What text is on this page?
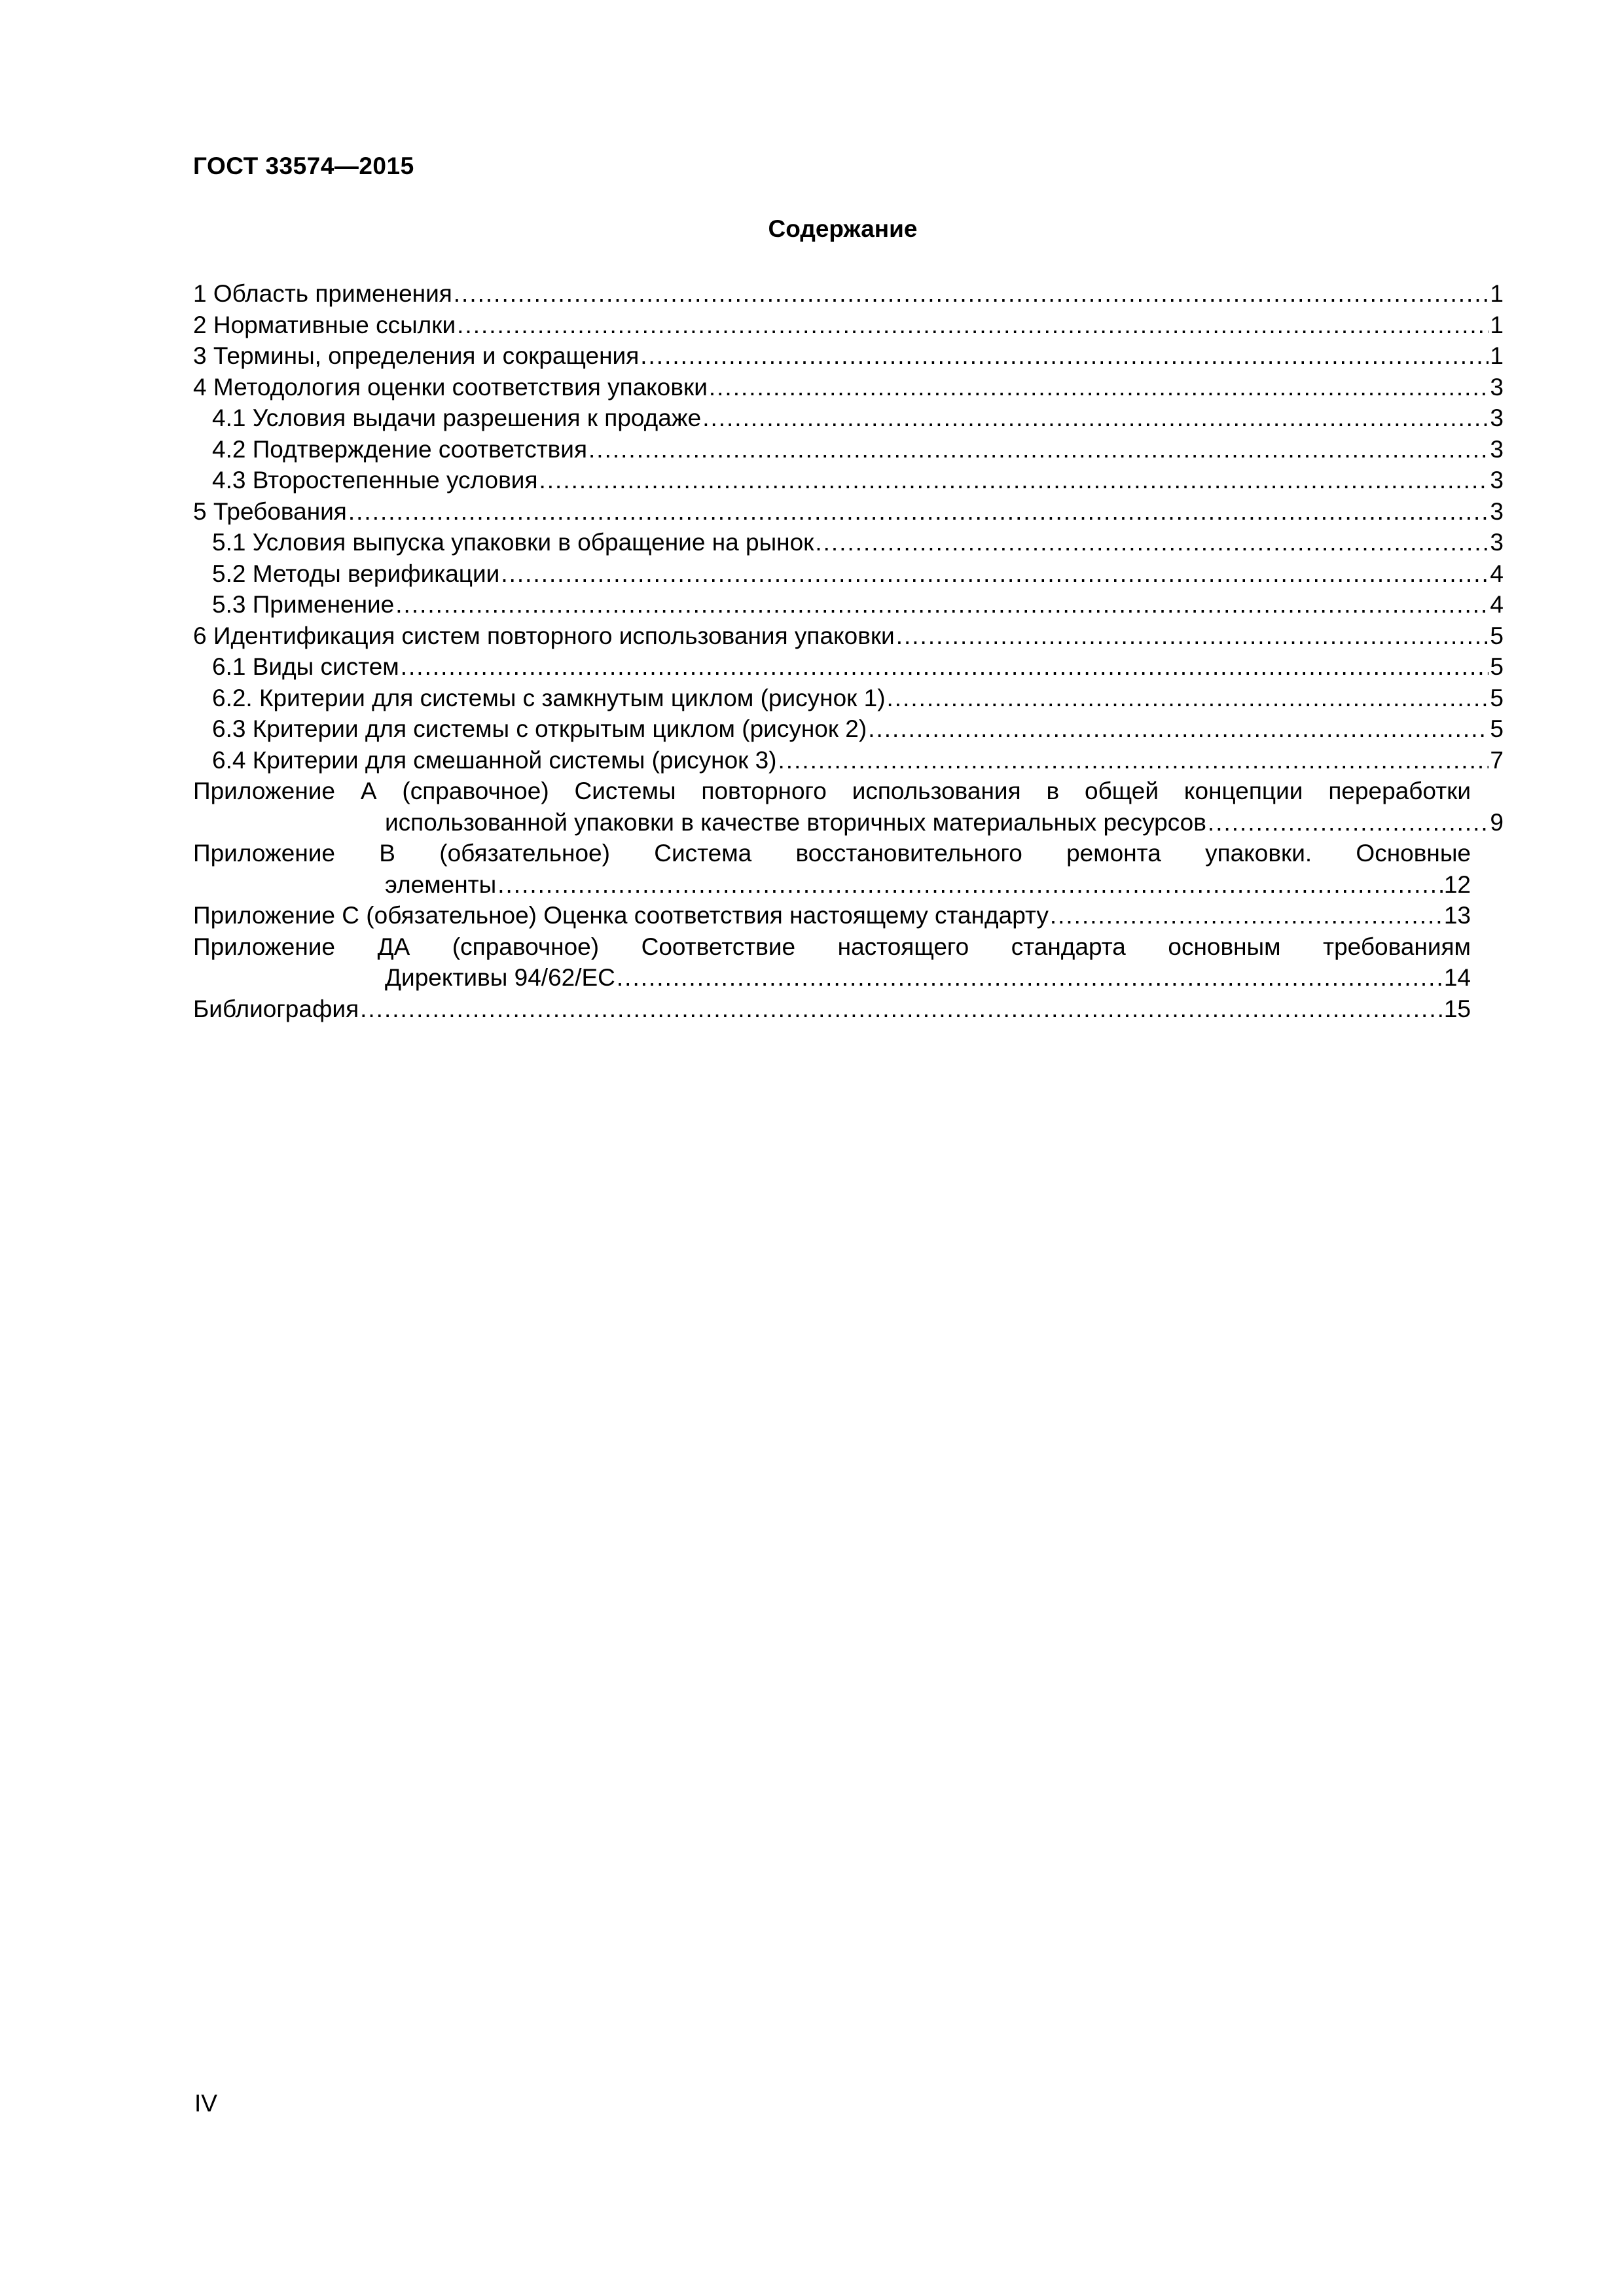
ГОСТ 33574—2015
Содержание
1 Область применения .....	1
2 Нормативные ссылки .....	1
3 Термины, определения и сокращения .....	1
4 Методология оценки соответствия упаковки .....	3
4.1 Условия выдачи разрешения к продаже .....	3
4.2 Подтверждение соответствия .....	3
4.3 Второстепенные условия .....	3
5 Требования .....	3
5.1 Условия выпуска упаковки в обращение на рынок .....	3
5.2 Методы верификации .....	4
5.3 Применение .....	4
6 Идентификация систем повторного использования упаковки .....	5
6.1 Виды систем .....	5
6.2. Критерии для системы с замкнутым циклом (рисунок 1) .....	5
6.3 Критерии для системы с открытым циклом (рисунок 2) .....	5
6.4 Критерии для смешанной системы (рисунок 3) .....	7
Приложение А (справочное) Системы повторного использования в общей концепции переработки
использованной упаковки в качестве вторичных материальных ресурсов .....	9
Приложение В (обязательное) Система восстановительного ремонта упаковки. Основные
элементы .....	12
Приложение С (обязательное) Оценка соответствия настоящему стандарту .....	13
Приложение ДА (справочное) Соответствие настоящего стандарта основным требованиям
Директивы 94/62/ЕС .....	14
Библиография .....	15
IV
